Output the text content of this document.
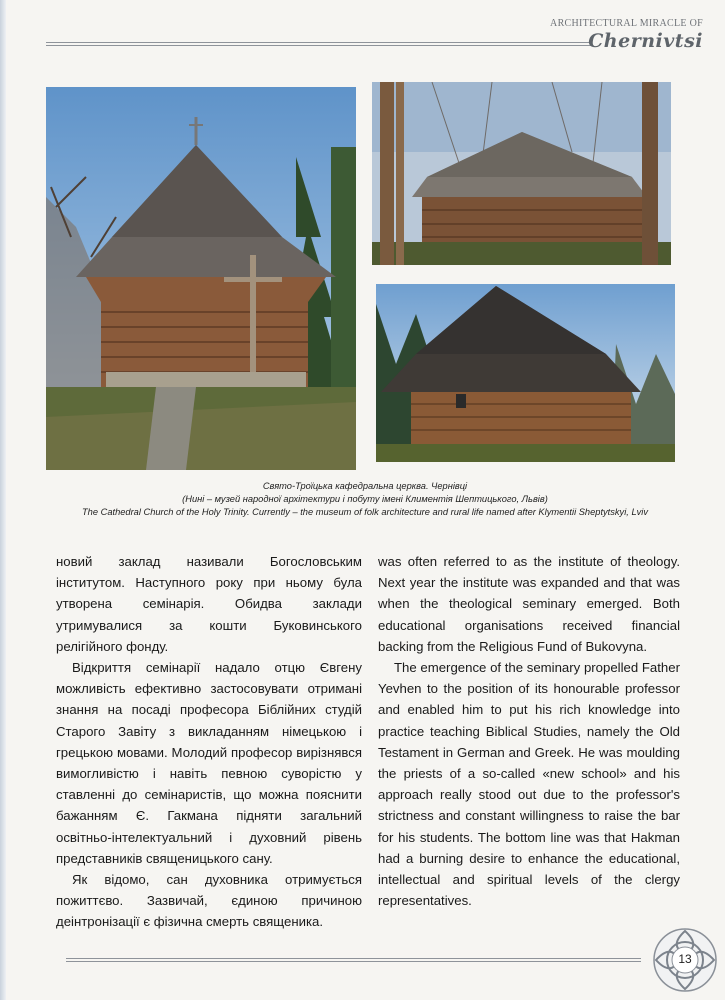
ARCHITECTURAL MIRACLE OF
Chernivtsi
Свято-Троїцька кафедральна церква. Чернівці
(Нині – музей народної архітектури і побуту імені Климентія Шептицького, Львів)
The Cathedral Church of the Holy Trinity. Currently – the museum of folk architecture and rural life named after Klymentii Sheptytskyi, Lviv

новий заклад називали Богословським інститутом. Наступного року при ньому була утворена семінарія. Обидва заклади утримувалися за кошти Буковинського релігійного фонду.

Відкриття семінарії надало отцю Євгену можливість ефективно застосовувати отримані знання на посаді професора Біблійних студій Старого Завіту з викладанням німецькою і грецькою мовами. Молодий професор вирізнявся вимогливістю і навіть певною суворістю у ставленні до семінаристів, що можна пояснити бажанням Є. Гакмана підняти загальний освітньо-інтелектуальний і духовний рівень представників священицького сану.

Як відомо, сан духовника отримується пожиттєво. Зазвичай, єдиною причиною деінтронізації є фізична смерть священика.

was often referred to as the institute of theology. Next year the institute was expanded and that was when the theological seminary emerged. Both educational organisations received financial backing from the Religious Fund of Bukovyna.

The emergence of the seminary propelled Father Yevhen to the position of its honourable professor and enabled him to put his rich knowledge into practice teaching Biblical Studies, namely the Old Testament in German and Greek. He was moulding the priests of a so-called «new school» and his approach really stood out due to the professor's strictness and constant willingness to raise the bar for his students. The bottom line was that Hakman had a burning desire to enhance the educational, intellectual and spiritual levels of the clergy representatives.

13
